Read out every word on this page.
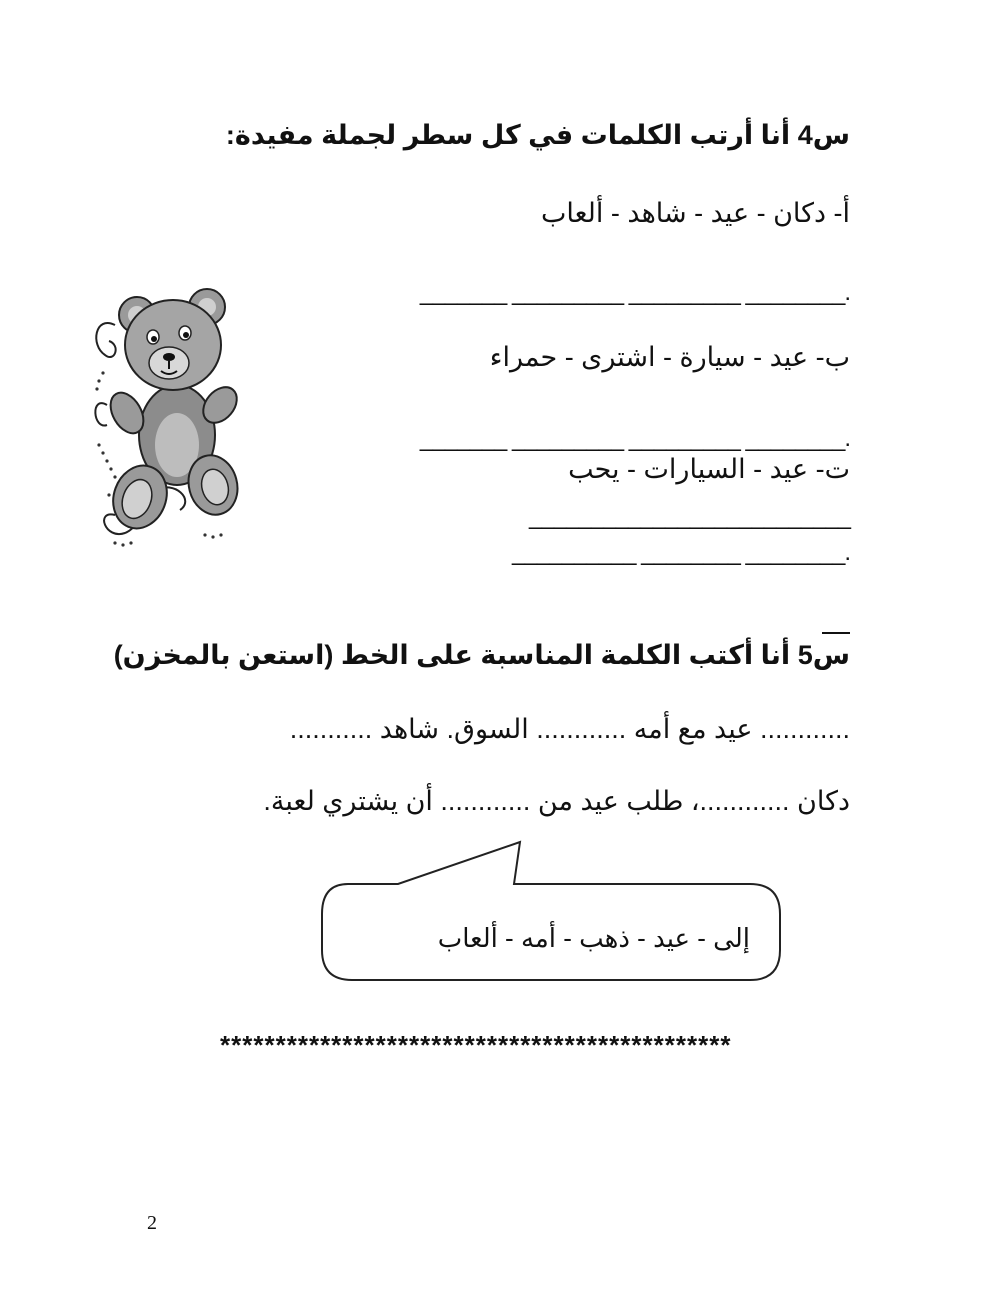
س4 أنا أرتب الكلمات في كل سطر لجملة مفيدة:
أ- دكان - عيد - شاهد - ألعاب
_______ _________ _________ ________.
ب- عيد - سيارة - اشترى - حمراء
_______ _________ _________ ________.
ت- عيد - السيارات - يحب
__________________________
__________ ________ ________.
س5 أنا أكتب الكلمة المناسبة على الخط (استعن بالمخزن)
............ عيد مع أمه ............ السوق. شاهد ...........
دكان ............، طلب عيد من ............ أن يشتري لعبة.
إلى - عيد - ذهب - أمه - ألعاب
**********************************************
2
